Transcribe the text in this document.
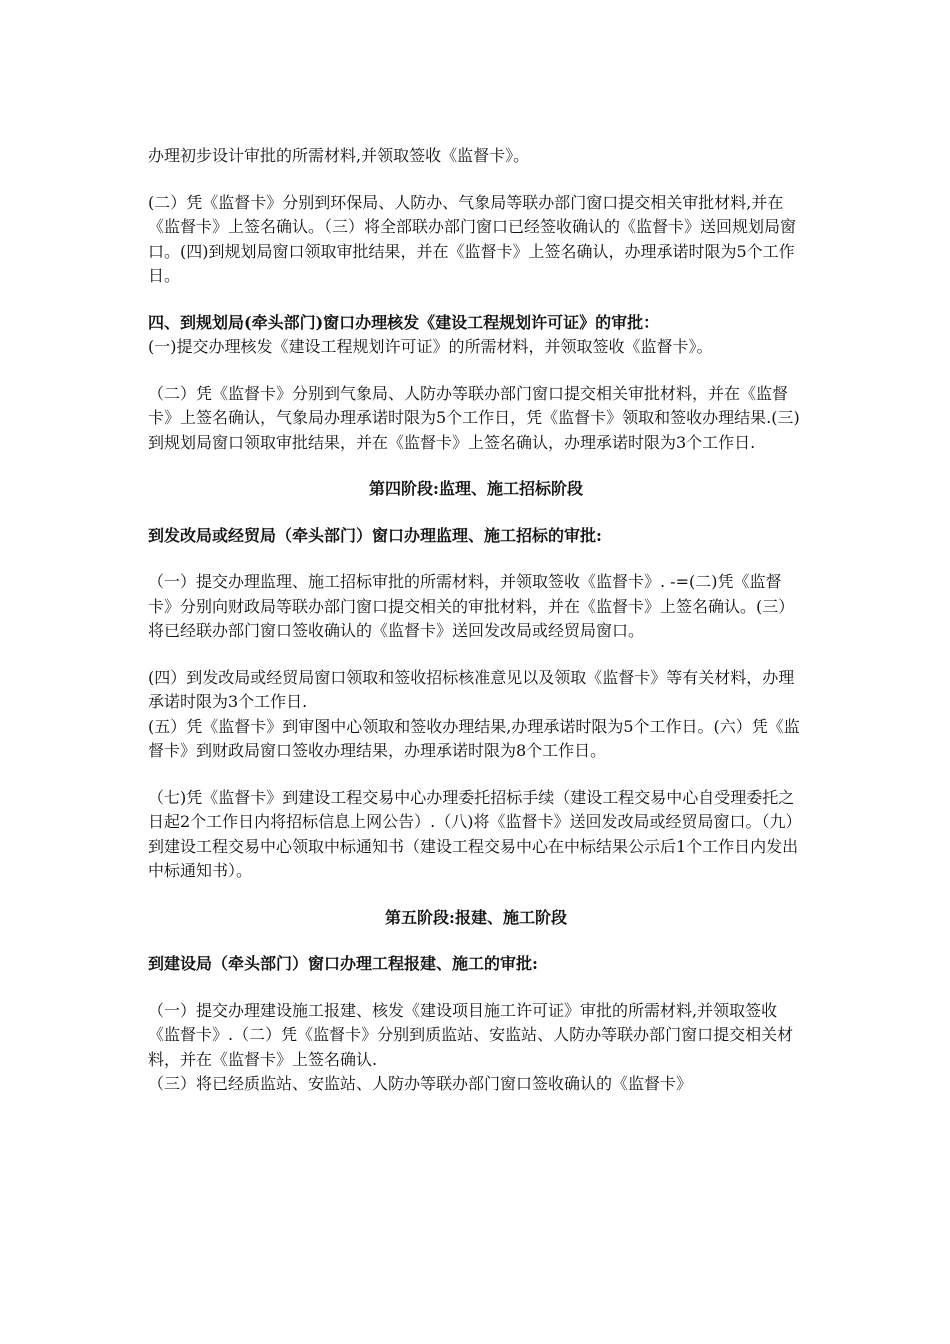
办理初步设计审批的所需材料,并领取签收《监督卡》。

(二）凭《监督卡》分别到环保局、人防办、气象局等联办部门窗口提交相关审批材料,并在《监督卡》上签名确认。（三）将全部联办部门窗口已经签收确认的《监督卡》送回规划局窗口。(四)到规划局窗口领取审批结果，并在《监督卡》上签名确认，办理承诺时限为5个工作日。

四、到规划局(牵头部门)窗口办理核发《建设工程规划许可证》的审批：

(一)提交办理核发《建设工程规划许可证》的所需材料，并领取签收《监督卡》。

（二）凭《监督卡》分别到气象局、人防办等联办部门窗口提交相关审批材料，并在《监督卡》上签名确认，气象局办理承诺时限为5个工作日，凭《监督卡》领取和签收办理结果.(三)到规划局窗口领取审批结果，并在《监督卡》上签名确认，办理承诺时限为3个工作日.

第四阶段:监理、施工招标阶段

到发改局或经贸局（牵头部门）窗口办理监理、施工招标的审批:

（一）提交办理监理、施工招标审批的所需材料，并领取签收《监督卡》. -=(二)凭《监督卡》分别向财政局等联办部门窗口提交相关的审批材料，并在《监督卡》上签名确认。(三）将已经联办部门窗口签收确认的《监督卡》送回发改局或经贸局窗口。

(四）到发改局或经贸局窗口领取和签收招标核准意见以及领取《监督卡》等有关材料，办理承诺时限为3个工作日.
(五）凭《监督卡》到审图中心领取和签收办理结果,办理承诺时限为5个工作日。(六）凭《监督卡》到财政局窗口签收办理结果，办理承诺时限为8个工作日。

（七)凭《监督卡》到建设工程交易中心办理委托招标手续（建设工程交易中心自受理委托之日起2个工作日内将招标信息上网公告）.（八)将《监督卡》送回发改局或经贸局窗口。（九）到建设工程交易中心领取中标通知书（建设工程交易中心在中标结果公示后1个工作日内发出中标通知书）。

第五阶段:报建、施工阶段

到建设局（牵头部门）窗口办理工程报建、施工的审批:

（一）提交办理建设施工报建、核发《建设项目施工许可证》审批的所需材料,并领取签收《监督卡》.（二）凭《监督卡》分别到质监站、安监站、人防办等联办部门窗口提交相关材料，并在《监督卡》上签名确认.
（三）将已经质监站、安监站、人防办等联办部门窗口签收确认的《监督卡》
